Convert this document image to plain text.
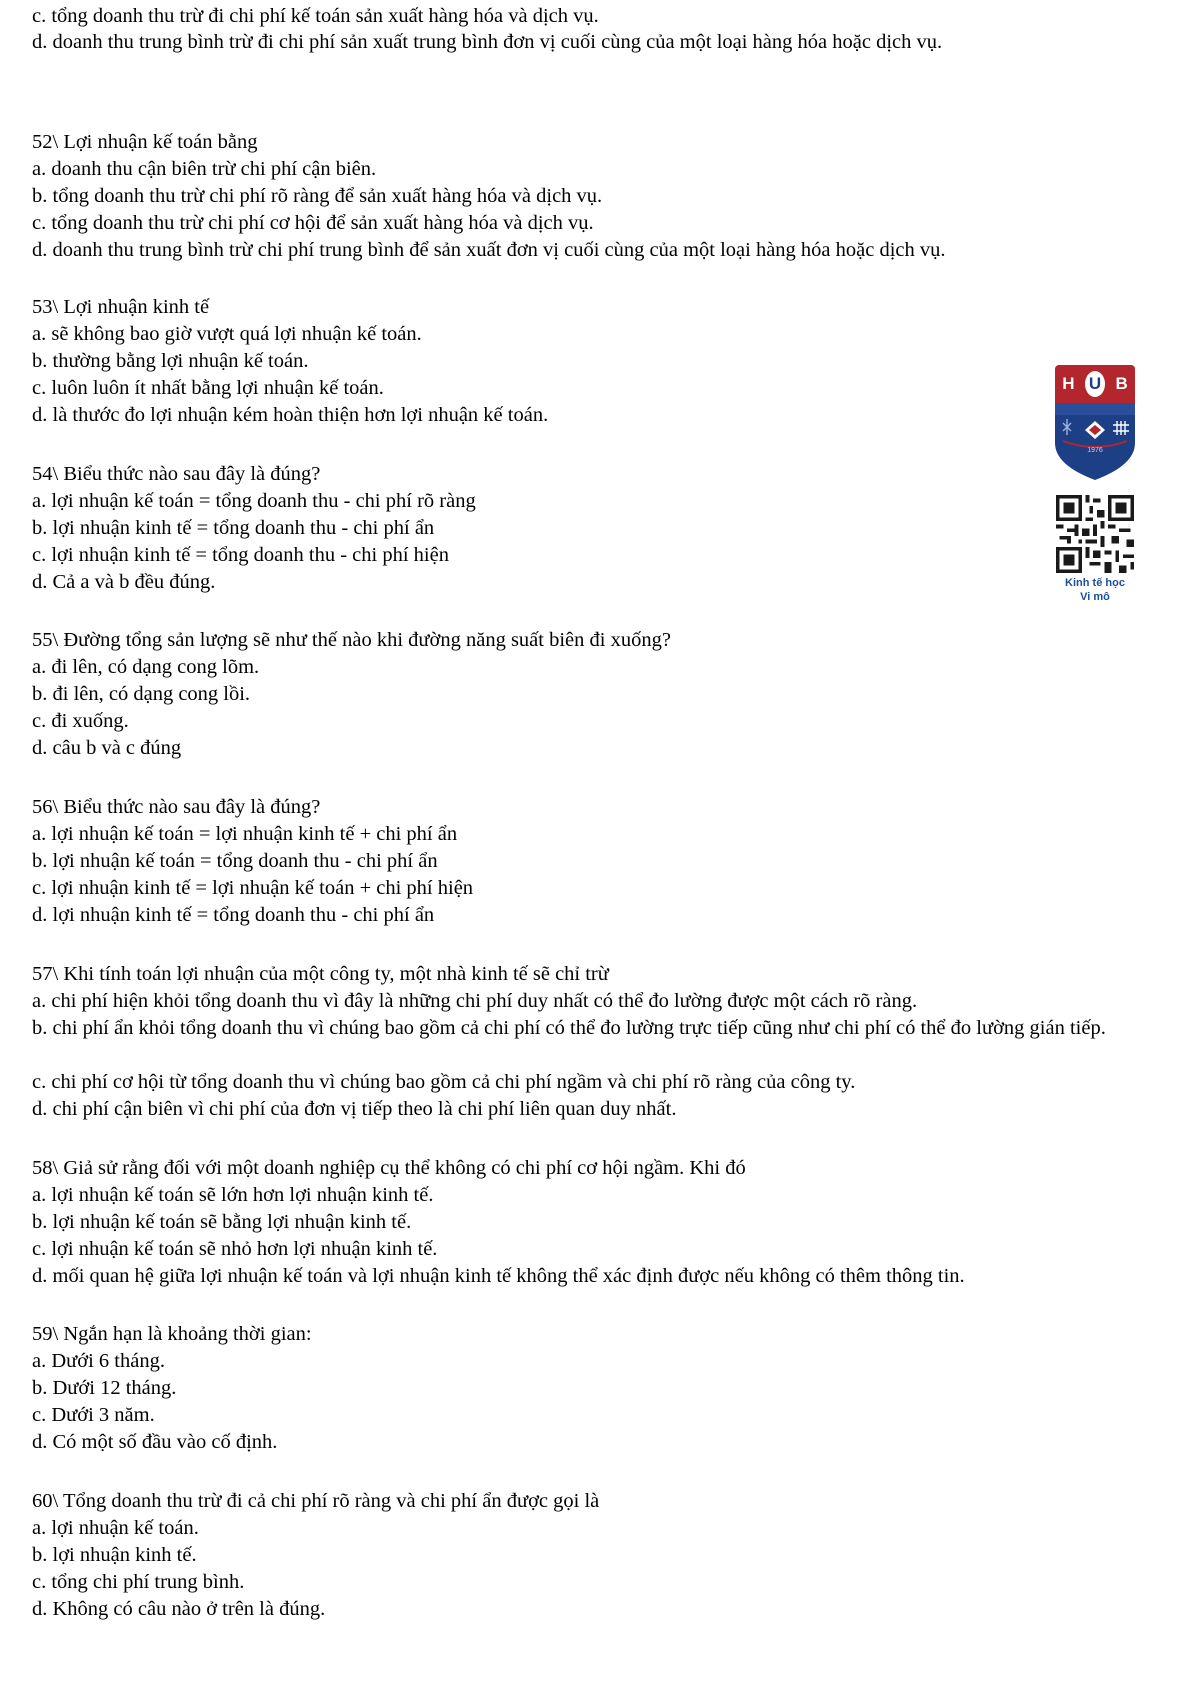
c. tổng doanh thu trừ đi chi phí kế toán sản xuất hàng hóa và dịch vụ.

d. doanh thu trung bình trừ đi chi phí sản xuất trung bình đơn vị cuối cùng của một loại hàng hóa hoặc dịch vụ.

52\ Lợi nhuận kế toán bằng

a. doanh thu cận biên trừ chi phí cận biên.

b. tổng doanh thu trừ chi phí rõ ràng để sản xuất hàng hóa và dịch vụ.

c. tổng doanh thu trừ chi phí cơ hội để sản xuất hàng hóa và dịch vụ.

d. doanh thu trung bình trừ chi phí trung bình để sản xuất đơn vị cuối cùng của một loại hàng hóa hoặc dịch vụ.

53\ Lợi nhuận kinh tế

a. sẽ không bao giờ vượt quá lợi nhuận kế toán.

b. thường bằng lợi nhuận kế toán.

c. luôn luôn ít nhất bằng lợi nhuận kế toán.

d. là thước đo lợi nhuận kém hoàn thiện hơn lợi nhuận kế toán.

54\ Biểu thức nào sau đây là đúng?

a. lợi nhuận kế toán = tổng doanh thu - chi phí rõ ràng

b. lợi nhuận kinh tế = tổng doanh thu - chi phí ẩn

c. lợi nhuận kinh tế = tổng doanh thu - chi phí hiện

d. Cả a và b đều đúng.

55\ Đường tổng sản lượng sẽ như thế nào khi đường năng suất biên đi xuống?

a. đi lên, có dạng cong lõm.

b. đi lên, có dạng cong lồi.

c. đi xuống.

d. câu b và c đúng

56\ Biểu thức nào sau đây là đúng?

a. lợi nhuận kế toán = lợi nhuận kinh tế + chi phí ẩn

b. lợi nhuận kế toán = tổng doanh thu - chi phí ẩn

c. lợi nhuận kinh tế = lợi nhuận kế toán + chi phí hiện

d. lợi nhuận kinh tế = tổng doanh thu - chi phí ẩn

57\ Khi tính toán lợi nhuận của một công ty, một nhà kinh tế sẽ chỉ trừ

a. chi phí hiện khỏi tổng doanh thu vì đây là những chi phí duy nhất có thể đo lường được một cách rõ ràng.

b. chi phí ẩn khỏi tổng doanh thu vì chúng bao gồm cả chi phí có thể đo lường trực tiếp cũng như chi phí có thể đo lường gián tiếp.

c. chi phí cơ hội từ tổng doanh thu vì chúng bao gồm cả chi phí ngầm và chi phí rõ ràng của công ty.

d. chi phí cận biên vì chi phí của đơn vị tiếp theo là chi phí liên quan duy nhất.

58\ Giả sử rằng đối với một doanh nghiệp cụ thể không có chi phí cơ hội ngầm. Khi đó

a. lợi nhuận kế toán sẽ lớn hơn lợi nhuận kinh tế.

b. lợi nhuận kế toán sẽ bằng lợi nhuận kinh tế.

c. lợi nhuận kế toán sẽ nhỏ hơn lợi nhuận kinh tế.

d. mối quan hệ giữa lợi nhuận kế toán và lợi nhuận kinh tế không thể xác định được nếu không có thêm thông tin.

59\ Ngắn hạn là khoảng thời gian:

a. Dưới 6 tháng.

b. Dưới 12 tháng.

c. Dưới 3 năm.

d. Có một số đầu vào cố định.

60\ Tổng doanh thu trừ đi cả chi phí rõ ràng và chi phí ẩn được gọi là

a. lợi nhuận kế toán.

b. lợi nhuận kinh tế.

c. tổng chi phí trung bình.

d. Không có câu nào ở trên là đúng.

H U B
1976
Kinh tế học
Vi mô
